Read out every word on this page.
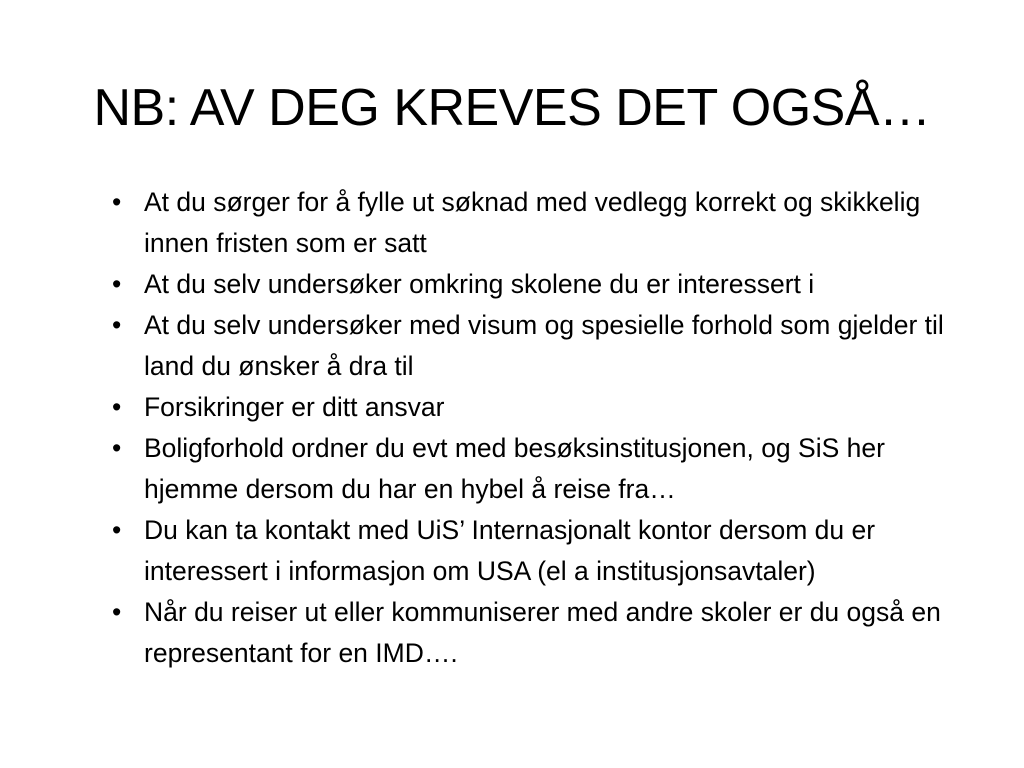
NB: AV DEG KREVES DET OGSÅ…
• At du sørger for å fylle ut søknad med vedlegg korrekt og skikkelig innen fristen som er satt
• At du selv undersøker omkring skolene du er interessert i
• At du selv undersøker med visum og spesielle forhold som gjelder til land du ønsker å dra til
• Forsikringer er ditt ansvar
• Boligforhold ordner du evt med besøksinstitusjonen, og SiS her hjemme dersom du har en hybel å reise fra…
• Du kan ta kontakt med UiS’ Internasjonalt kontor dersom du er interessert i informasjon om USA (el a institusjonsavtaler)
• Når du reiser ut eller kommuniserer med andre skoler er du også en representant for en IMD….
